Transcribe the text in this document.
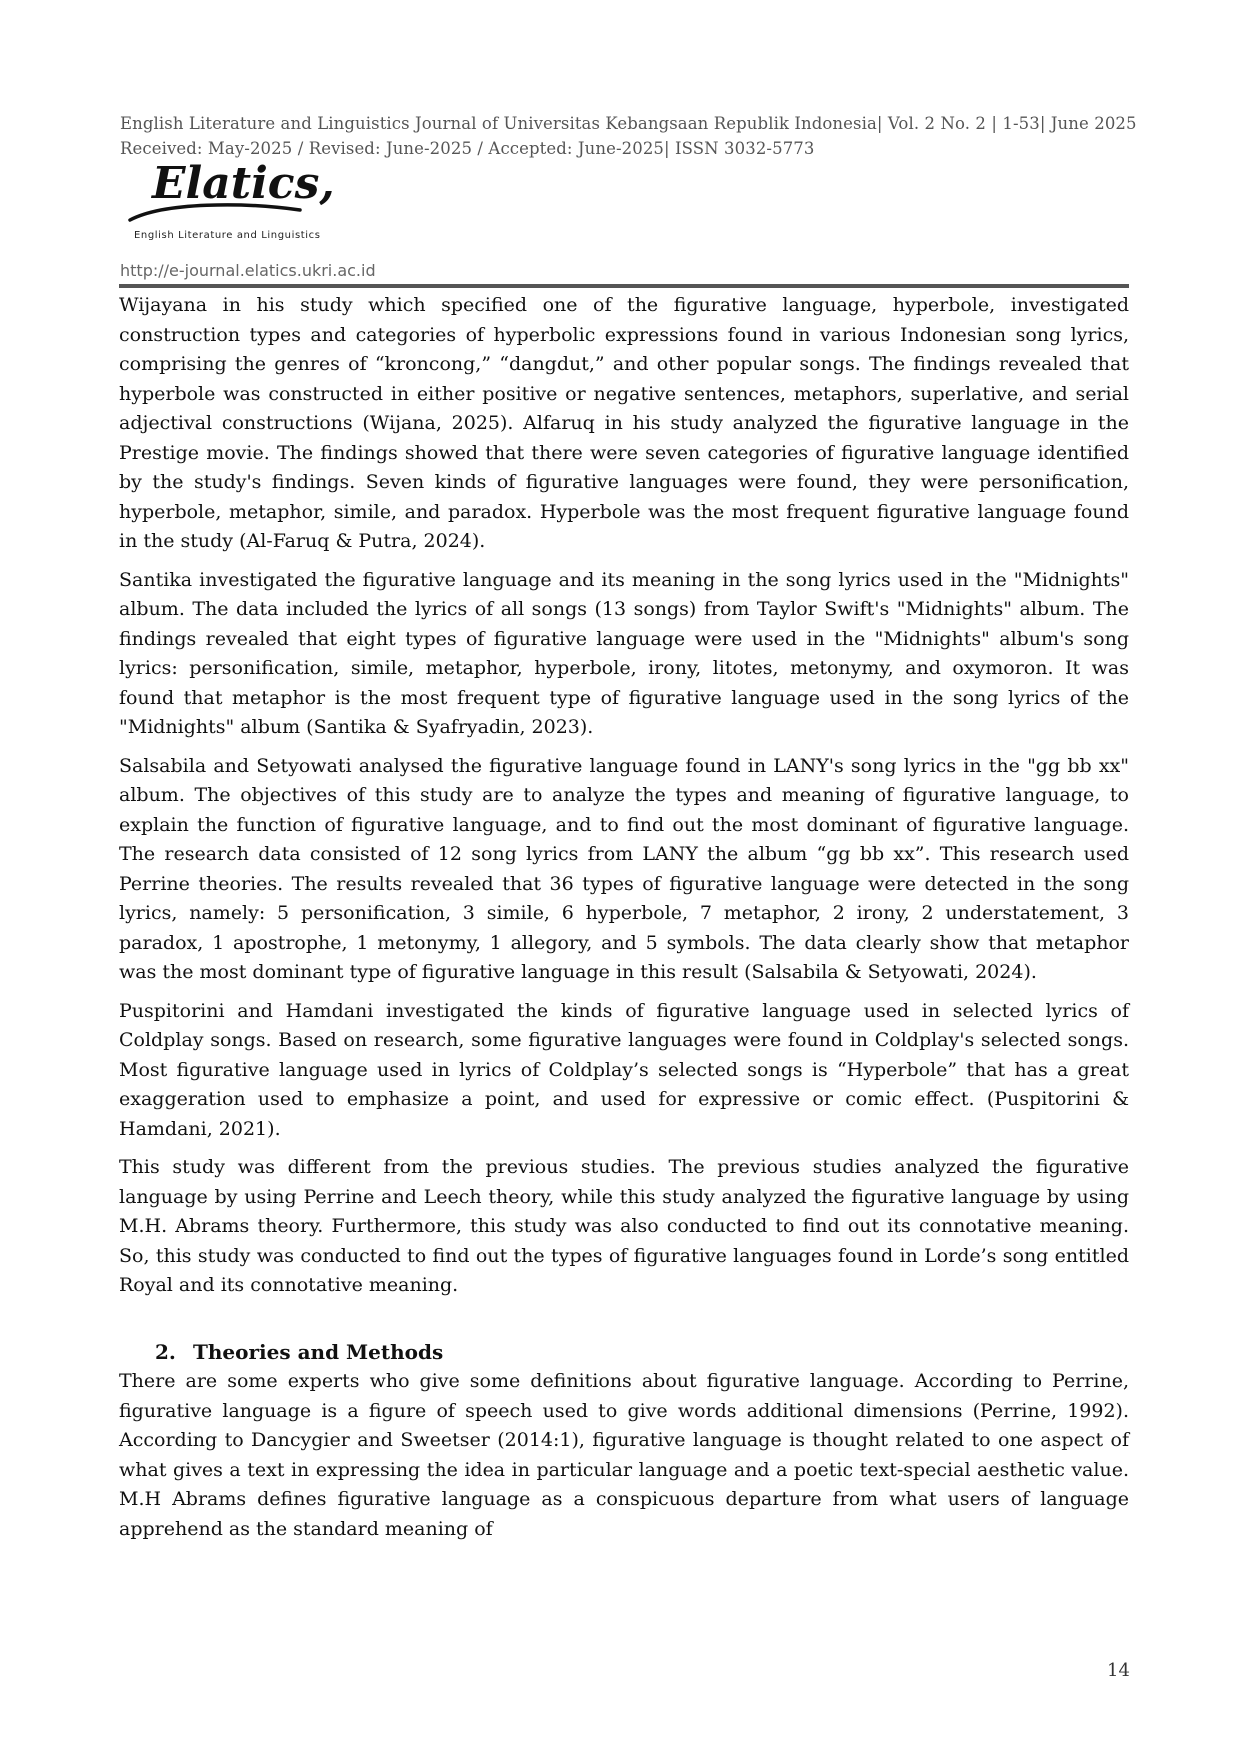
English Literature and Linguistics Journal of Universitas Kebangsaan Republik Indonesia| Vol. 2 No. 2 | 1-53| June 2025
Received: May-2025 / Revised: June-2025 / Accepted: June-2025| ISSN 3032-5773
Elatics,
English Literature and Linguistics
http://e-journal.elatics.ukri.ac.id

Wijayana in his study which specified one of the figurative language, hyperbole, investigated construction types and categories of hyperbolic expressions found in various Indonesian song lyrics, comprising the genres of “kroncong,” “dangdut,” and other popular songs. The findings revealed that hyperbole was constructed in either positive or negative sentences, metaphors, superlative, and serial adjectival constructions (Wijana, 2025). Alfaruq in his study analyzed the figurative language in the Prestige movie. The findings showed that there were seven categories of figurative language identified by the study's findings. Seven kinds of figurative languages were found, they were personification, hyperbole, metaphor, simile, and paradox. Hyperbole was the most frequent figurative language found in the study (Al-Faruq & Putra, 2024).

Santika investigated the figurative language and its meaning in the song lyrics used in the "Midnights" album. The data included the lyrics of all songs (13 songs) from Taylor Swift's "Midnights" album. The findings revealed that eight types of figurative language were used in the "Midnights" album's song lyrics: personification, simile, metaphor, hyperbole, irony, litotes, metonymy, and oxymoron. It was found that metaphor is the most frequent type of figurative language used in the song lyrics of the "Midnights" album (Santika & Syafryadin, 2023).

Salsabila and Setyowati analysed the figurative language found in LANY's song lyrics in the "gg bb xx" album. The objectives of this study are to analyze the types and meaning of figurative language, to explain the function of figurative language, and to find out the most dominant of figurative language. The research data consisted of 12 song lyrics from LANY the album “gg bb xx”. This research used Perrine theories. The results revealed that 36 types of figurative language were detected in the song lyrics, namely: 5 personification, 3 simile, 6 hyperbole, 7 metaphor, 2 irony, 2 understatement, 3 paradox, 1 apostrophe, 1 metonymy, 1 allegory, and 5 symbols. The data clearly show that metaphor was the most dominant type of figurative language in this result (Salsabila & Setyowati, 2024).

Puspitorini and Hamdani investigated the kinds of figurative language used in selected lyrics of Coldplay songs. Based on research, some figurative languages were found in Coldplay's selected songs. Most figurative language used in lyrics of Coldplay’s selected songs is “Hyperbole” that has a great exaggeration used to emphasize a point, and used for expressive or comic effect. (Puspitorini & Hamdani, 2021).

This study was different from the previous studies. The previous studies analyzed the figurative language by using Perrine and Leech theory, while this study analyzed the figurative language by using M.H. Abrams theory. Furthermore, this study was also conducted to find out its connotative meaning. So, this study was conducted to find out the types of figurative languages found in Lorde’s song entitled Royal and its connotative meaning.

2. Theories and Methods

There are some experts who give some definitions about figurative language. According to Perrine, figurative language is a figure of speech used to give words additional dimensions (Perrine, 1992). According to Dancygier and Sweetser (2014:1), figurative language is thought related to one aspect of what gives a text in expressing the idea in particular language and a poetic text-special aesthetic value. M.H Abrams defines figurative language as a conspicuous departure from what users of language apprehend as the standard meaning of

14
